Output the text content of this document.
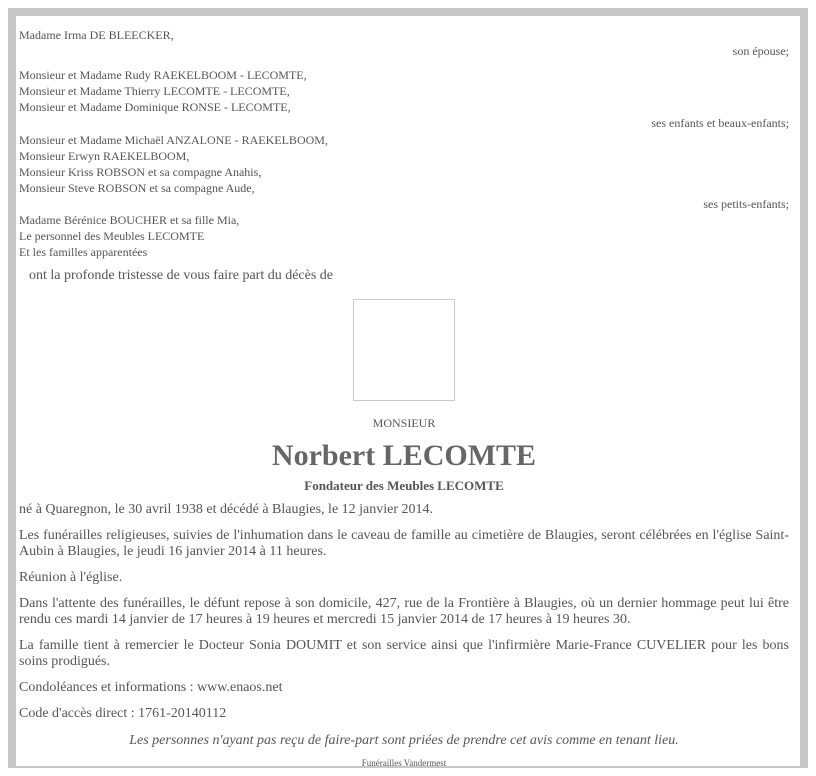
Madame Irma DE BLEECKER,
son épouse;
Monsieur et Madame Rudy RAEKELBOOM - LECOMTE,
Monsieur et Madame Thierry LECOMTE - LECOMTE,
Monsieur et Madame Dominique RONSE - LECOMTE,
ses enfants et beaux-enfants;
Monsieur et Madame Michaël ANZALONE - RAEKELBOOM,
Monsieur Erwyn RAEKELBOOM,
Monsieur Kriss ROBSON et sa compagne Anahis,
Monsieur Steve ROBSON et sa compagne Aude,
ses petits-enfants;
Madame Bérénice BOUCHER et sa fille Mia,
Le personnel des Meubles LECOMTE
Et les familles apparentées
ont la profonde tristesse de vous faire part du décès de
MONSIEUR
Norbert LECOMTE
Fondateur des Meubles LECOMTE
né à Quaregnon, le 30 avril 1938 et décédé à Blaugies, le 12 janvier 2014.
Les funérailles religieuses, suivies de l'inhumation dans le caveau de famille au cimetière de Blaugies, seront célébrées en l'église Saint-Aubin à Blaugies, le jeudi 16 janvier 2014 à 11 heures.
Réunion à l'église.
Dans l'attente des funérailles, le défunt repose à son domicile, 427, rue de la Frontière à Blaugies, où un dernier hommage peut lui être rendu ces mardi 14 janvier de 17 heures à 19 heures et mercredi 15 janvier 2014 de 17 heures à 19 heures 30.
La famille tient à remercier le Docteur Sonia DOUMIT et son service ainsi que l'infirmière Marie-France CUVELIER pour les bons soins prodigués.
Condoléances et informations : www.enaos.net
Code d'accès direct : 1761-20140112
Les personnes n'ayant pas reçu de faire-part sont priées de prendre cet avis comme en tenant lieu.
Funérailles Vandermest
